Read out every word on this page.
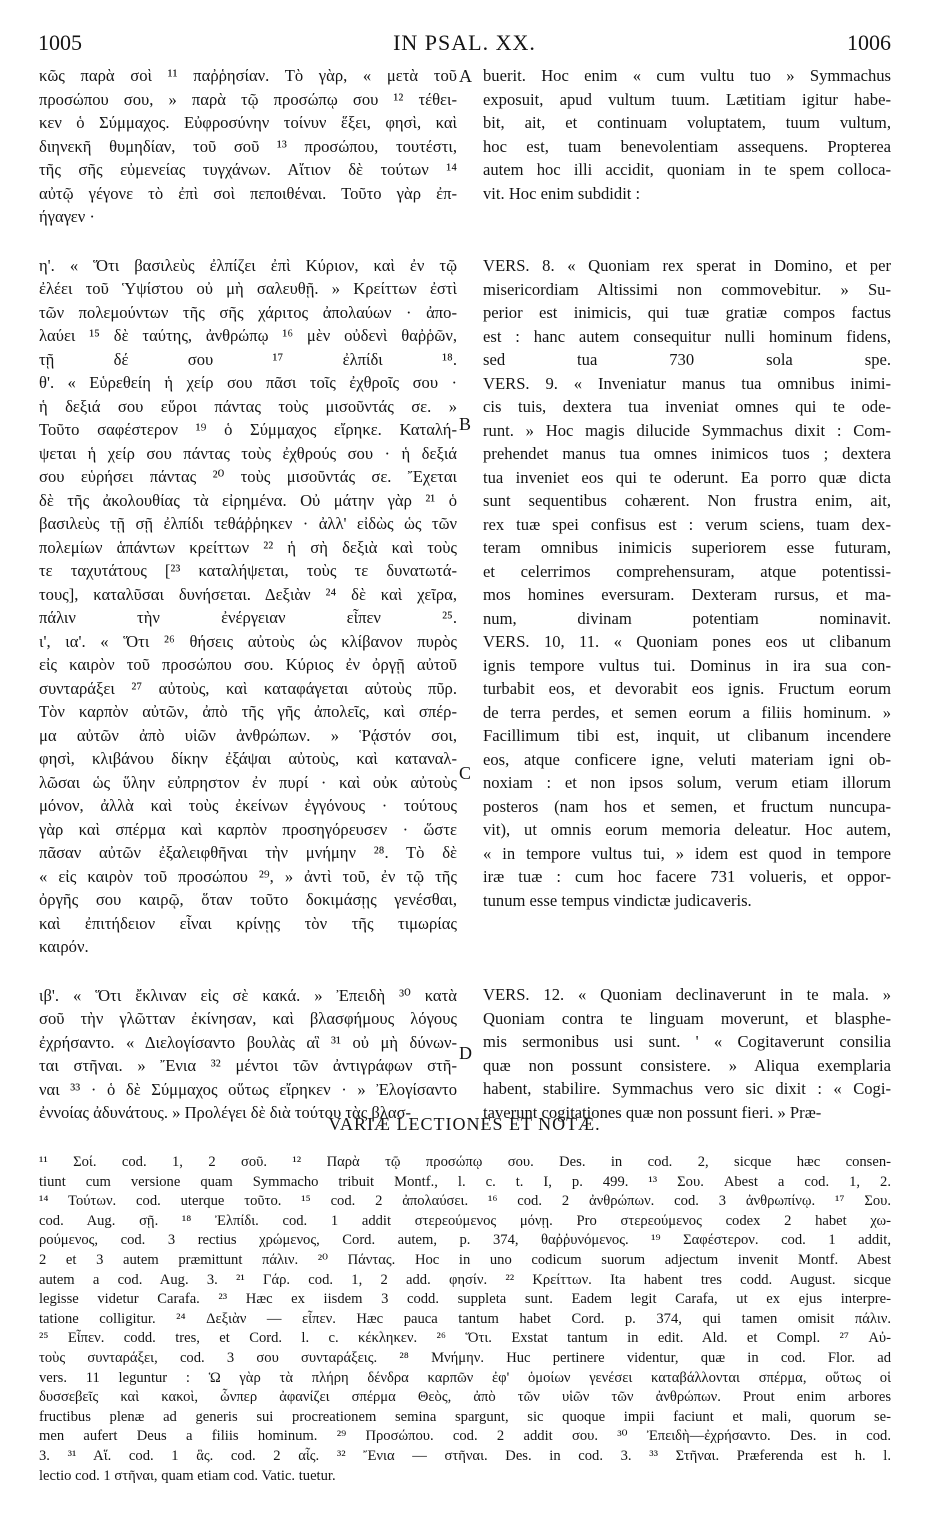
1005	IN PSAL. XX.	1006
A
B
C
D
κῶς παρὰ σοὶ ¹¹ παῤῥησίαν. Τὸ γὰρ, « μετὰ τοῦ
προσώπου σου, » παρὰ τῷ προσώπῳ σου ¹² τέθει-
κεν ὁ Σύμμαχος. Εὐφροσύνην τοίνυν ἕξει, φησὶ, καὶ
διηνεκῆ θυμηδίαν, τοῦ σοῦ ¹³ προσώπου, τουτέστι,
τῆς σῆς εὐμενείας τυγχάνων. Αἴτιον δὲ τούτων ¹⁴
αὐτῷ γέγονε τὸ ἐπὶ σοὶ πεποιθέναι. Τοῦτο γὰρ ἐπ-
ήγαγεν ·
η'. « Ὅτι βασιλεὺς ἐλπίζει ἐπὶ Κύριον, καὶ ἐν τῷ
ἐλέει τοῦ Ὑψίστου οὐ μὴ σαλευθῇ. » Κρείττων ἐστὶ
τῶν πολεμούντων τῆς σῆς χάριτος ἀπολαύων · ἀπο-
λαύει ¹⁵ δὲ ταύτης, ἀνθρώπῳ ¹⁶ μὲν οὐδενὶ θαῤῥῶν,
τῇ δέ σου ¹⁷ ἐλπίδι ¹⁸.
θ'. « Εὑρεθείη ἡ χείρ σου πᾶσι τοῖς ἐχθροῖς σου ·
ἡ δεξιά σου εὕροι πάντας τοὺς μισοῦντάς σε. »
Τοῦτο σαφέστερον ¹⁹ ὁ Σύμμαχος εἴρηκε. Καταλή-
ψεται ἡ χείρ σου πάντας τοὺς ἐχθρούς σου · ἡ δεξιά
σου εὑρήσει πάντας ²⁰ τοὺς μισοῦντάς σε. Ἔχεται
δὲ τῆς ἀκολουθίας τὰ εἰρημένα. Οὐ μάτην γὰρ ²¹ ὁ
βασιλεὺς τῇ σῇ ἐλπίδι τεθάῤῥηκεν · ἀλλ' εἰδὼς ὡς τῶν
πολεμίων ἁπάντων κρείττων ²² ἡ σὴ δεξιὰ καὶ τοὺς
τε ταχυτάτους [²³ καταλήψεται, τοὺς τε δυνατωτά-
τους], καταλῦσαι δυνήσεται. Δεξιὰν ²⁴ δὲ καὶ χεῖρα,
πάλιν τὴν ἐνέργειαν εἶπεν ²⁵.
ι', ια'. « Ὅτι ²⁶ θήσεις αὐτοὺς ὡς κλίβανον πυρὸς
εἰς καιρὸν τοῦ προσώπου σου. Κύριος ἐν ὀργῇ αὐτοῦ
συνταράξει ²⁷ αὐτοὺς, καὶ καταφάγεται αὐτοὺς πῦρ.
Τὸν καρπὸν αὐτῶν, ἀπὸ τῆς γῆς ἀπολεῖς, καὶ σπέρ-
μα αὐτῶν ἀπὸ υἱῶν ἀνθρώπων. » Ῥᾴστόν σοι,
φησὶ, κλιβάνου δίκην ἐξάψαι αὐτοὺς, καὶ καταναλ-
λῶσαι ὡς ὕλην εὐπρηστον ἐν πυρί · καὶ οὐκ αὐτοὺς
μόνον, ἀλλὰ καὶ τοὺς ἐκείνων ἐγγόνους · τούτους
γὰρ καὶ σπέρμα καὶ καρπὸν προσηγόρευσεν · ὥστε
πᾶσαν αὐτῶν ἐξαλειφθῆναι τὴν μνήμην ²⁸. Τὸ δὲ
« εἰς καιρὸν τοῦ προσώπου ²⁹, » ἀντὶ τοῦ, ἐν τῷ τῆς
ὀργῆς σου καιρῷ, ὅταν τοῦτο δοκιμάσῃς γενέσθαι,
καὶ ἐπιτήδειον εἶναι κρίνῃς τὸν τῆς τιμωρίας
καιρόν.
ιβ'. « Ὅτι ἔκλιναν εἰς σὲ κακά. » Ἐπειδὴ ³⁰ κατὰ
σοῦ τὴν γλῶτταν ἐκίνησαν, καὶ βλασφήμους λόγους
ἐχρήσαντο. « Διελογίσαντο βουλὰς αἳ ³¹ οὐ μὴ δύνων-
ται στῆναι. » Ἔνια ³² μέντοι τῶν ἀντιγράφων στῆ-
ναι ³³ · ὁ δὲ Σύμμαχος οὕτως εἴρηκεν · » Ἐλογίσαντο
ἐννοίας ἀδυνάτους. » Προλέγει δὲ διὰ τούτου τὰς βλασ-
buerit. Hoc enim « cum vultu tuo » Symmachus
exposuit, apud vultum tuum. Lætitiam igitur habe-
bit, ait, et continuam voluptatem, tuum vultum,
hoc est, tuam benevolentiam assequens. Propterea
autem hoc illi accidit, quoniam in te spem colloca-
vit. Hoc enim subdidit :
VERS. 8. « Quoniam rex sperat in Domino, et per
misericordiam Altissimi non commovebitur. » Su-
perior est inimicis, qui tuæ gratiæ compos factus
est : hanc autem consequitur nulli hominum fidens,
sed tua 730 sola spe.
VERS. 9. « Inveniatur manus tua omnibus inimi-
cis tuis, dextera tua inveniat omnes qui te ode-
runt. » Hoc magis dilucide Symmachus dixit : Com-
prehendet manus tua omnes inimicos tuos ; dextera
tua inveniet eos qui te oderunt. Ea porro quæ dicta
sunt sequentibus cohærent. Non frustra enim, ait,
rex tuæ spei confisus est : verum sciens, tuam dex-
teram omnibus inimicis superiorem esse futuram,
et celerrimos comprehensuram, atque potentissi-
mos homines eversuram. Dexteram rursus, et ma-
num, divinam potentiam nominavit.
VERS. 10, 11. « Quoniam pones eos ut clibanum
ignis tempore vultus tui. Dominus in ira sua con-
turbabit eos, et devorabit eos ignis. Fructum eorum
de terra perdes, et semen eorum a filiis hominum. »
Facillimum tibi est, inquit, ut clibanum incendere
eos, atque conficere igne, veluti materiam igni ob-
noxiam : et non ipsos solum, verum etiam illorum
posteros (nam hos et semen, et fructum nuncupa-
vit), ut omnis eorum memoria deleatur. Hoc autem,
« in tempore vultus tui, » idem est quod in tempore
iræ tuæ : cum hoc facere 731 volueris, et oppor-
tunum esse tempus vindictæ judicaveris.
VERS. 12. « Quoniam declinaverunt in te mala. »
Quoniam contra te linguam moverunt, et blasphe-
mis sermonibus usi sunt. ' « Cogitaverunt consilia
quæ non possunt consistere. » Aliqua exemplaria
habent, stabilire. Symmachus vero sic dixit : « Cogi-
taverunt cogitationes quæ non possunt fieri. » Præ-
VARIÆ LECTIONES ET NOTÆ.
¹¹ Σοί. cod. 1, 2 σοῦ. ¹² Παρὰ τῷ προσώπῳ σου. Des. in cod. 2, sicque hæc consen-
tiunt cum versione quam Symmacho tribuit Montf., l. c. t. I, p. 499. ¹³ Σου. Abest a cod. 1, 2.
¹⁴ Τούτων. cod. uterque τοῦτο. ¹⁵ cod. 2 ἀπολαύσει. ¹⁶ cod. 2 ἀνθρώπων. cod. 3 ἀνθρωπίνῳ. ¹⁷ Σου.
cod. Aug. σῇ. ¹⁸ Ἐλπίδι. cod. 1 addit στερεούμενος μόνῃ. Pro στερεούμενος codex 2 habet χω-
ρούμενος, cod. 3 rectius χρώμενος, Cord. autem, p. 374, θαῤῥυνόμενος. ¹⁹ Σαφέστερον. cod. 1 addit,
2 et 3 autem præmittunt πάλιν. ²⁰ Πάντας. Hoc in uno codicum suorum adjectum invenit Montf. Abest
autem a cod. Aug. 3. ²¹ Γάρ. cod. 1, 2 add. φησίν. ²² Κρείττων. Ita habent tres codd. August. sicque
legisse videtur Carafa. ²³ Hæc ex iisdem 3 codd. suppleta sunt. Eadem legit Carafa, ut ex ejus interpre-
tatione colligitur. ²⁴ Δεξιὰν — εἶπεν. Hæc pauca tantum habet Cord. p. 374, qui tamen omisit πάλιν.
²⁵ Εἶπεν. codd. tres, et Cord. l. c. κέκληκεν. ²⁶ Ὅτι. Exstat tantum in edit. Ald. et Compl. ²⁷ Αὐ-
τοὺς συνταράξει, cod. 3 σου συνταράξεις. ²⁸ Μνήμην. Huc pertinere videntur, quæ in cod. Flor. ad
vers. 11 leguntur : Ὡ γὰρ τὰ πλήρη δένδρα καρπῶν ἐφ' ὁμοίων γενέσει καταβάλλονται σπέρμα, οὕτως οἱ
δυσσεβεῖς καὶ κακοὶ, ὧνπερ ἀφανίζει σπέρμα Θεὸς, ἀπὸ τῶν υἱῶν τῶν ἀνθρώπων. Prout enim arbores
fructibus plenæ ad generis sui procreationem semina spargunt, sic quoque impii faciunt et mali, quorum se-
men aufert Deus a filiis hominum. ²⁹ Προσώπου. cod. 2 addit σου. ³⁰ Ἐπειδὴ—ἐχρήσαντο. Des. in cod.
3. ³¹ Αἵ. cod. 1 ἃς. cod. 2 αἷς. ³² Ἔνια — στῆναι. Des. in cod. 3. ³³ Στῆναι. Præferenda est h. l.
lectio cod. 1 στῆναι, quam etiam cod. Vatic. tuetur.
